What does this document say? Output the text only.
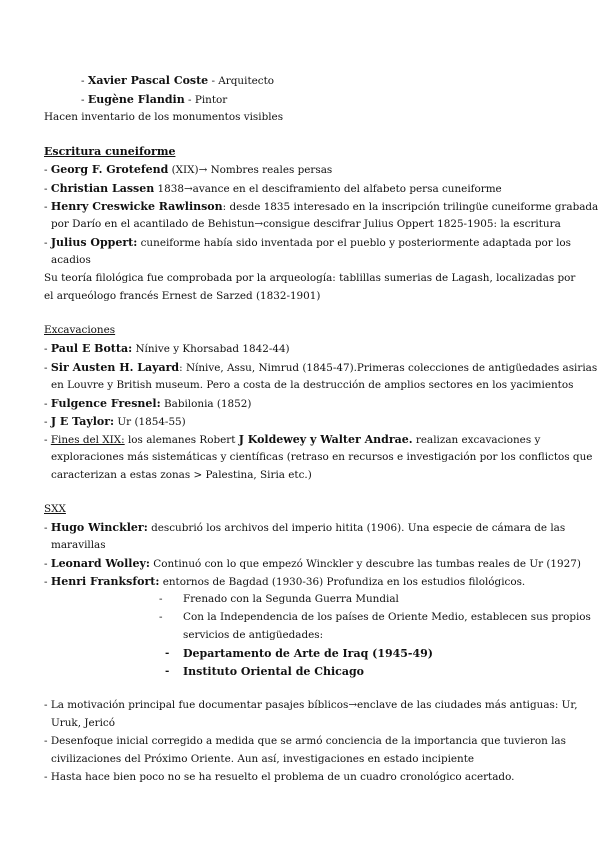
- Xavier Pascal Coste - Arquitecto
- Eugène Flandin - Pintor
Hacen inventario de los monumentos visibles
Escritura cuneiforme
- Georg F. Grotefend (XIX)→ Nombres reales persas
- Christian Lassen 1838→avance en el desciframiento del alfabeto persa cuneiforme
- Henry Creswicke Rawlinson: desde 1835 interesado en la inscripción trilingüe cuneiforme grabada
por Darío en el acantilado de Behistun→consigue descifrar Julius Oppert 1825-1905: la escritura
- Julius Oppert: cuneiforme había sido inventada por el pueblo y posteriormente adaptada por los
acadios
Su teoría filológica fue comprobada por la arqueología: tablillas sumerias de Lagash, localizadas por
el arqueólogo francés Ernest de Sarzed (1832-1901)
Excavaciones
- Paul E Botta: Nínive y Khorsabad 1842-44)
- Sir Austen H. Layard: Nínive, Assu, Nimrud (1845-47).Primeras colecciones de antigüedades asirias
en Louvre y British museum. Pero a costa de la destrucción de amplios sectores en los yacimientos
- Fulgence Fresnel: Babilonia (1852)
- J E Taylor: Ur (1854-55)
- Fines del XIX: los alemanes Robert J Koldewey y Walter Andrae. realizan excavaciones y
exploraciones más sistemáticas y científicas (retraso en recursos e investigación por los conflictos que
caracterizan a estas zonas > Palestina, Siria etc.)
SXX
- Hugo Winckler: descubrió los archivos del imperio hitita (1906). Una especie de cámara de las
maravillas
- Leonard Wolley: Continuó con lo que empezó Winckler y descubre las tumbas reales de Ur (1927)
- Henri Franksfort: entornos de Bagdad (1930-36) Profundiza en los estudios filológicos.
- Frenado con la Segunda Guerra Mundial
- Con la Independencia de los países de Oriente Medio, establecen sus propios
servicios de antigüedades:
- Departamento de Arte de Iraq (1945-49)
- Instituto Oriental de Chicago
- La motivación principal fue documentar pasajes bíblicos→enclave de las ciudades más antiguas: Ur,
Uruk, Jericó
- Desenfoque inicial corregido a medida que se armó conciencia de la importancia que tuvieron las
civilizaciones del Próximo Oriente. Aun así, investigaciones en estado incipiente
- Hasta hace bien poco no se ha resuelto el problema de un cuadro cronológico acertado.
